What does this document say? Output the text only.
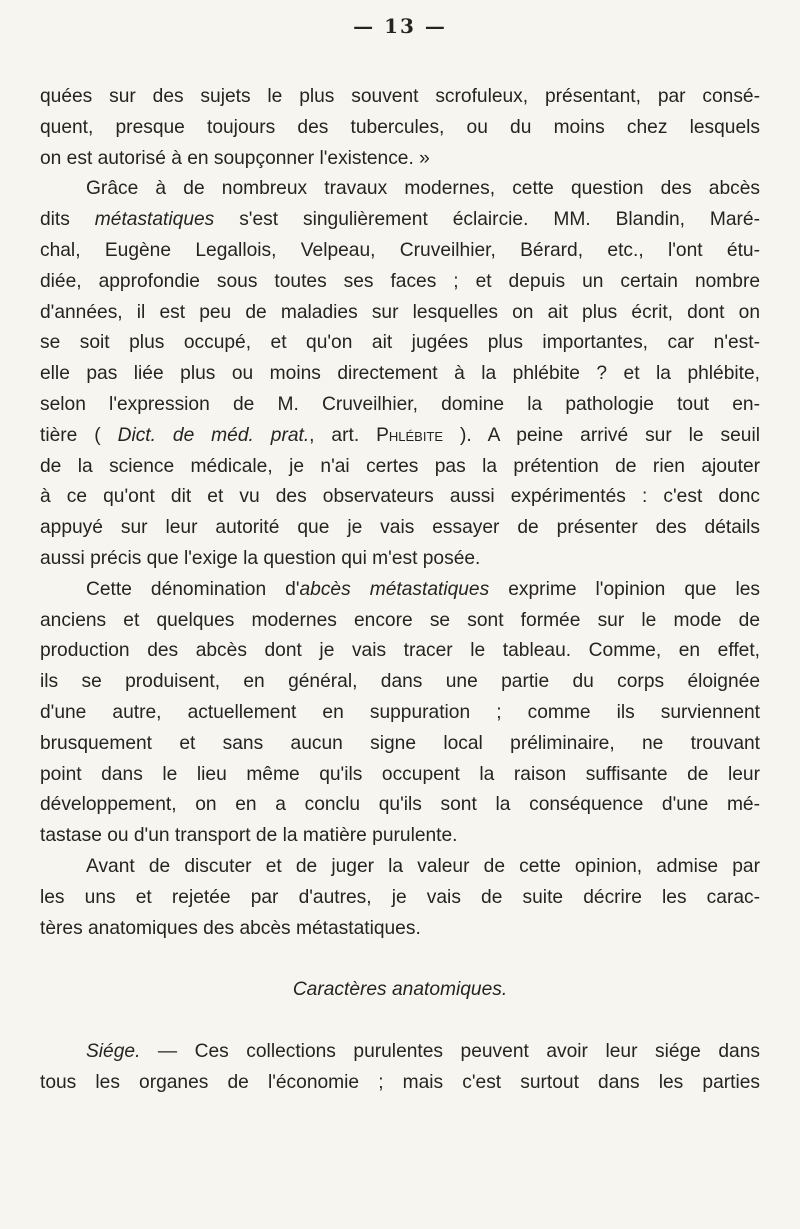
— 13 —
quées sur des sujets le plus souvent scrofuleux, présentant, par consé-
quent, presque toujours des tubercules, ou du moins chez lesquels
on est autorisé à en soupçonner l'existence. »
Grâce à de nombreux travaux modernes, cette question des abcès
dits métastatiques s'est singulièrement éclaircie. MM. Blandin, Maré-
chal, Eugène Legallois, Velpeau, Cruveilhier, Bérard, etc., l'ont étu-
diée, approfondie sous toutes ses faces ; et depuis un certain nombre
d'années, il est peu de maladies sur lesquelles on ait plus écrit, dont on
se soit plus occupé, et qu'on ait jugées plus importantes, car n'est-
elle pas liée plus ou moins directement à la phlébite ? et la phlébite,
selon l'expression de M. Cruveilhier, domine la pathologie tout en-
tière ( Dict. de méd. prat., art. Phlébite ). A peine arrivé sur le seuil
de la science médicale, je n'ai certes pas la prétention de rien ajouter
à ce qu'ont dit et vu des observateurs aussi expérimentés : c'est donc
appuyé sur leur autorité que je vais essayer de présenter des détails
aussi précis que l'exige la question qui m'est posée.
Cette dénomination d'abcès métastatiques exprime l'opinion que les
anciens et quelques modernes encore se sont formée sur le mode de
production des abcès dont je vais tracer le tableau. Comme, en effet,
ils se produisent, en général, dans une partie du corps éloignée
d'une autre, actuellement en suppuration ; comme ils surviennent
brusquement et sans aucun signe local préliminaire, ne trouvant
point dans le lieu même qu'ils occupent la raison suffisante de leur
développement, on en a conclu qu'ils sont la conséquence d'une mé-
tastase ou d'un transport de la matière purulente.
Avant de discuter et de juger la valeur de cette opinion, admise par
les uns et rejetée par d'autres, je vais de suite décrire les carac-
tères anatomiques des abcès métastatiques.
Caractères anatomiques.
Siége. — Ces collections purulentes peuvent avoir leur siége dans
tous les organes de l'économie ; mais c'est surtout dans les parties
